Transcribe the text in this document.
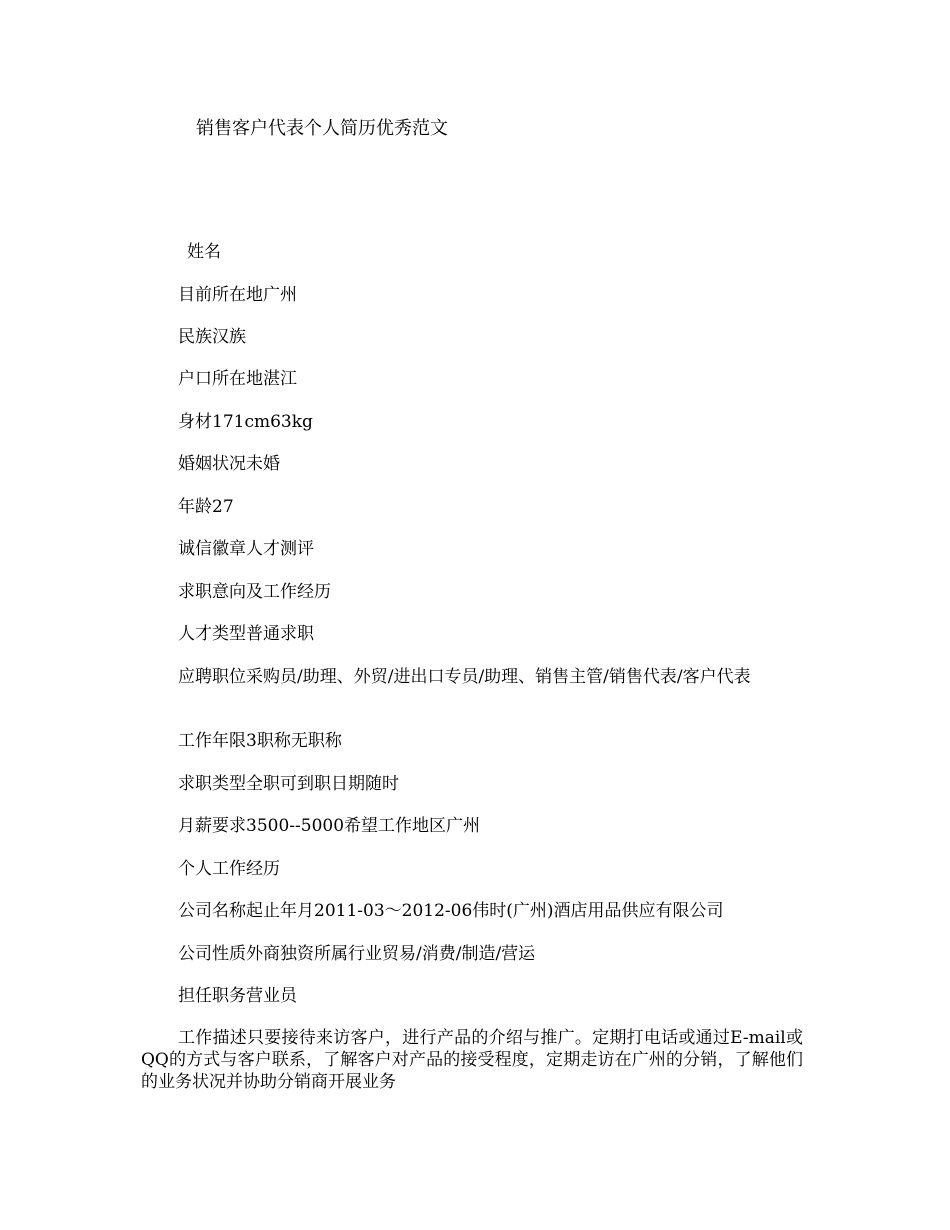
销售客户代表个人简历优秀范文
姓名
目前所在地广州
民族汉族
户口所在地湛江
身材171cm63kg
婚姻状况未婚
年龄27
诚信徽章人才测评
求职意向及工作经历
人才类型普通求职
应聘职位采购员/助理、外贸/进出口专员/助理、销售主管/销售代表/客户代表
工作年限3职称无职称
求职类型全职可到职日期随时
月薪要求3500--5000希望工作地区广州
个人工作经历
公司名称起止年月2011-03～2012-06伟时(广州)酒店用品供应有限公司
公司性质外商独资所属行业贸易/消费/制造/营运
担任职务营业员
工作描述只要接待来访客户，进行产品的介绍与推广。定期打电话或通过E-mail或QQ的方式与客户联系，了解客户对产品的接受程度，定期走访在广州的分销，了解他们的业务状况并协助分销商开展业务
